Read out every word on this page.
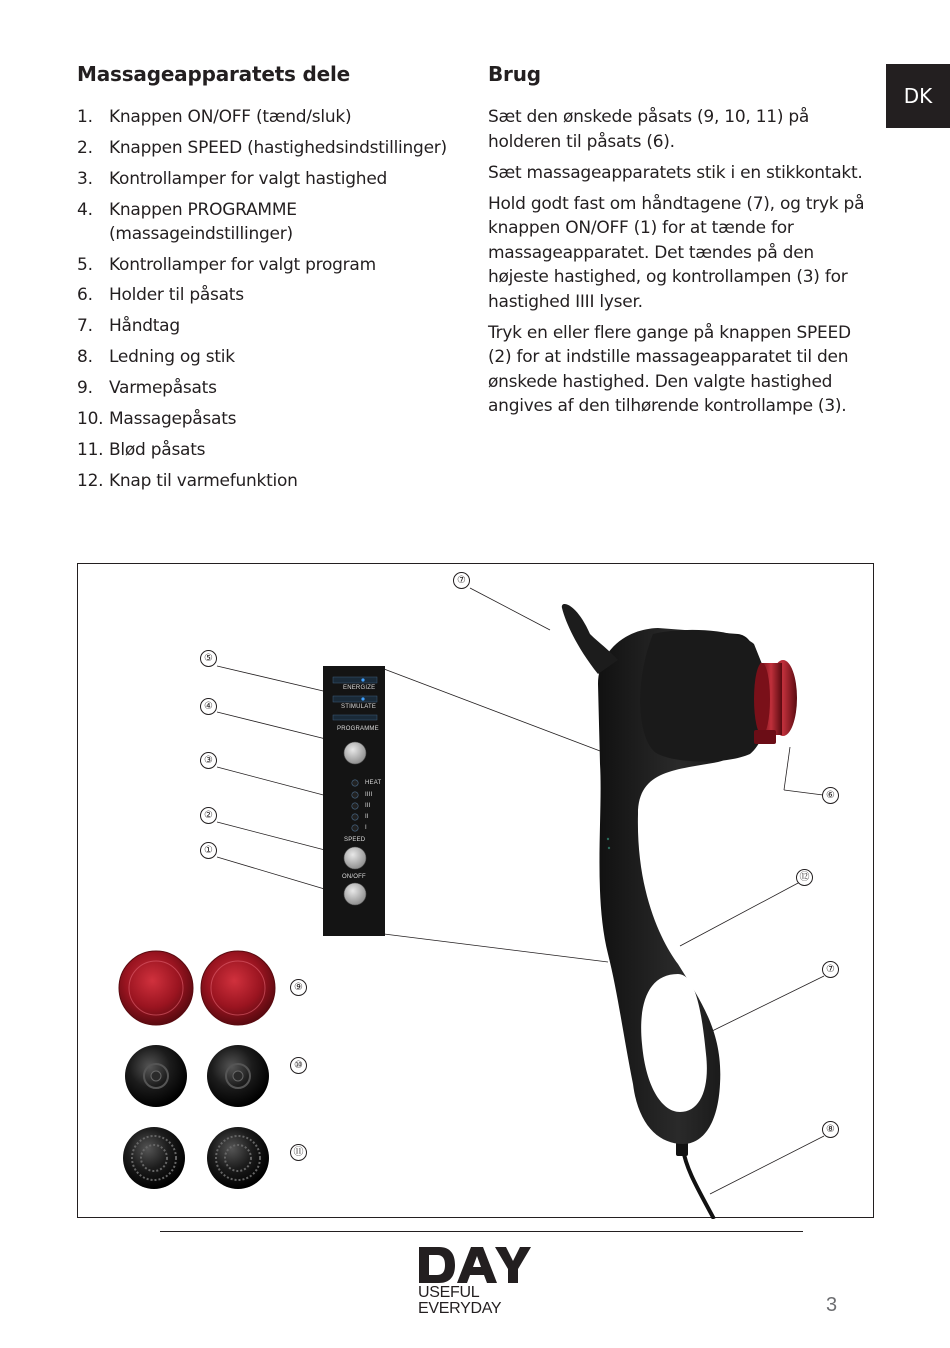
DK
Massageapparatets dele
1. Knappen ON/OFF (tænd/sluk)
2. Knappen SPEED (hastighedsindstillinger)
3. Kontrollamper for valgt hastighed
4. Knappen PROGRAMME (massageindstillinger)
5. Kontrollamper for valgt program
6. Holder til påsats
7. Håndtag
8. Ledning og stik
9. Varmepåsats
10. Massagepåsats
11. Blød påsats
12. Knap til varmefunktion
Brug

Sæt den ønskede påsats (9, 10, 11) på holderen til påsats (6).

Sæt massageapparatets stik i en stikkontakt.

Hold godt fast om håndtagene (7), og tryk på knappen ON/OFF (1) for at tænde for massageapparatet. Det tændes på den højeste hastighed, og kontrollampen (3) for hastighed IIII lyser.

Tryk en eller flere gange på knappen SPEED (2) for at indstille massageapparatet til den ønskede hastighed. Den valgte hastighed angives af den tilhørende kontrollampe (3).

ENERGIZE
STIMULATE
PROGRAMME
HEAT
IIII
III
II
I
SPEED
ON/OFF
⑦
⑤
④
③
②
①
⑥
⑫
⑦
⑧
⑨
⑩
⑪
USEFUL
EVERYDAY	3
